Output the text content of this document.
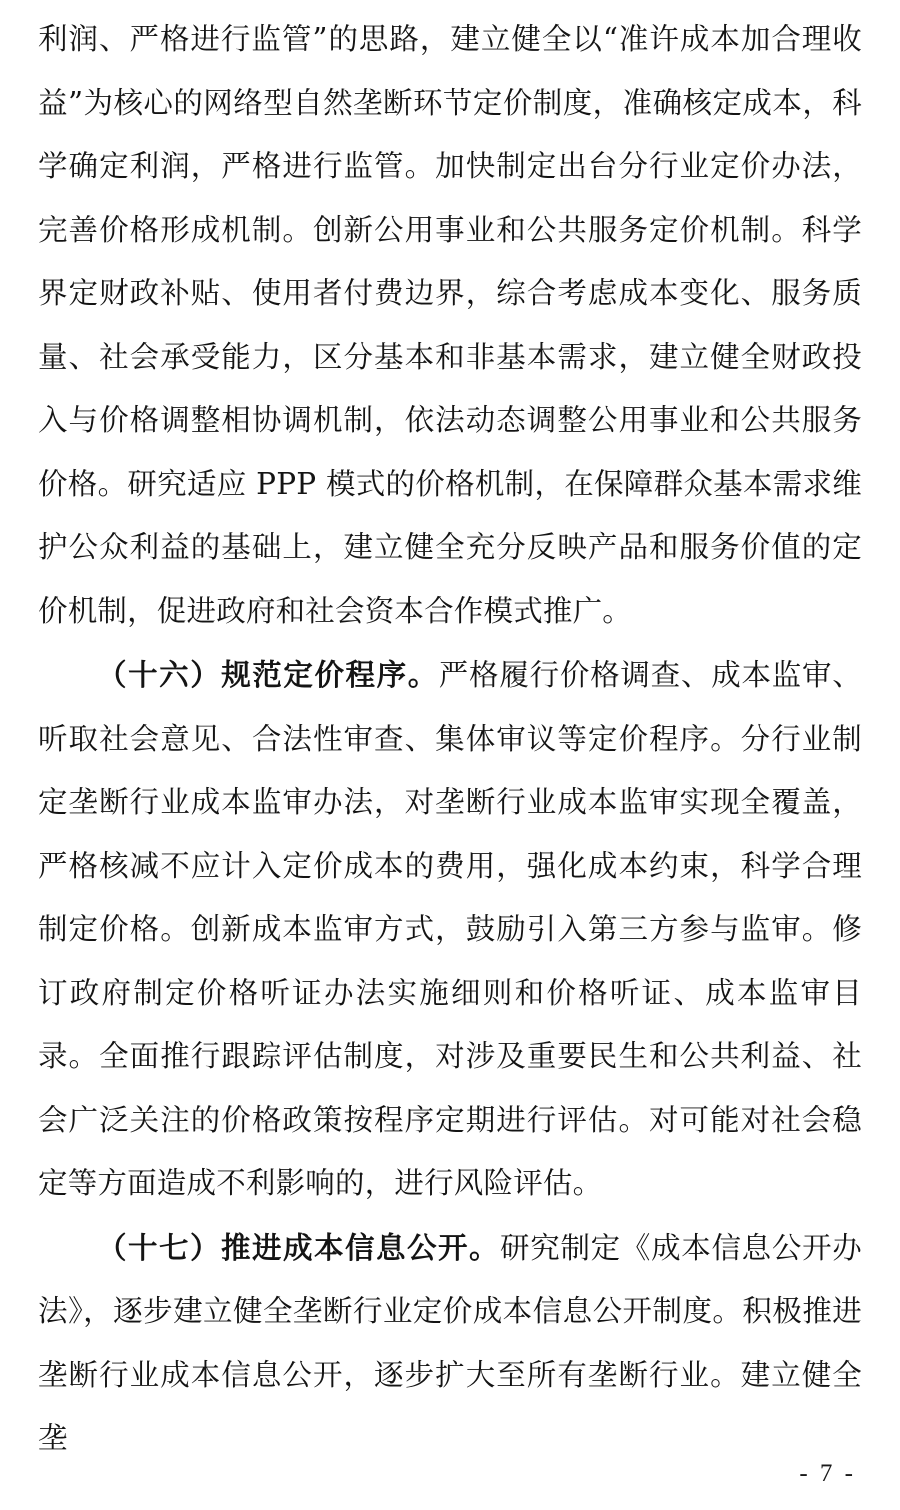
利润、严格进行监管”的思路，建立健全以“准许成本加合理收益”为核心的网络型自然垄断环节定价制度，准确核定成本，科学确定利润，严格进行监管。加快制定出台分行业定价办法，完善价格形成机制。创新公用事业和公共服务定价机制。科学界定财政补贴、使用者付费边界，综合考虑成本变化、服务质量、社会承受能力，区分基本和非基本需求，建立健全财政投入与价格调整相协调机制，依法动态调整公用事业和公共服务价格。研究适应 PPP 模式的价格机制，在保障群众基本需求维护公众利益的基础上，建立健全充分反映产品和服务价值的定价机制，促进政府和社会资本合作模式推广。

（十六）规范定价程序。严格履行价格调查、成本监审、听取社会意见、合法性审查、集体审议等定价程序。分行业制定垄断行业成本监审办法，对垄断行业成本监审实现全覆盖，严格核减不应计入定价成本的费用，强化成本约束，科学合理制定价格。创新成本监审方式，鼓励引入第三方参与监审。修订政府制定价格听证办法实施细则和价格听证、成本监审目录。全面推行跟踪评估制度，对涉及重要民生和公共利益、社会广泛关注的价格政策按程序定期进行评估。对可能对社会稳定等方面造成不利影响的，进行风险评估。

（十七）推进成本信息公开。研究制定《成本信息公开办法》，逐步建立健全垄断行业定价成本信息公开制度。积极推进垄断行业成本信息公开，逐步扩大至所有垄断行业。建立健全垄

- 7 -
